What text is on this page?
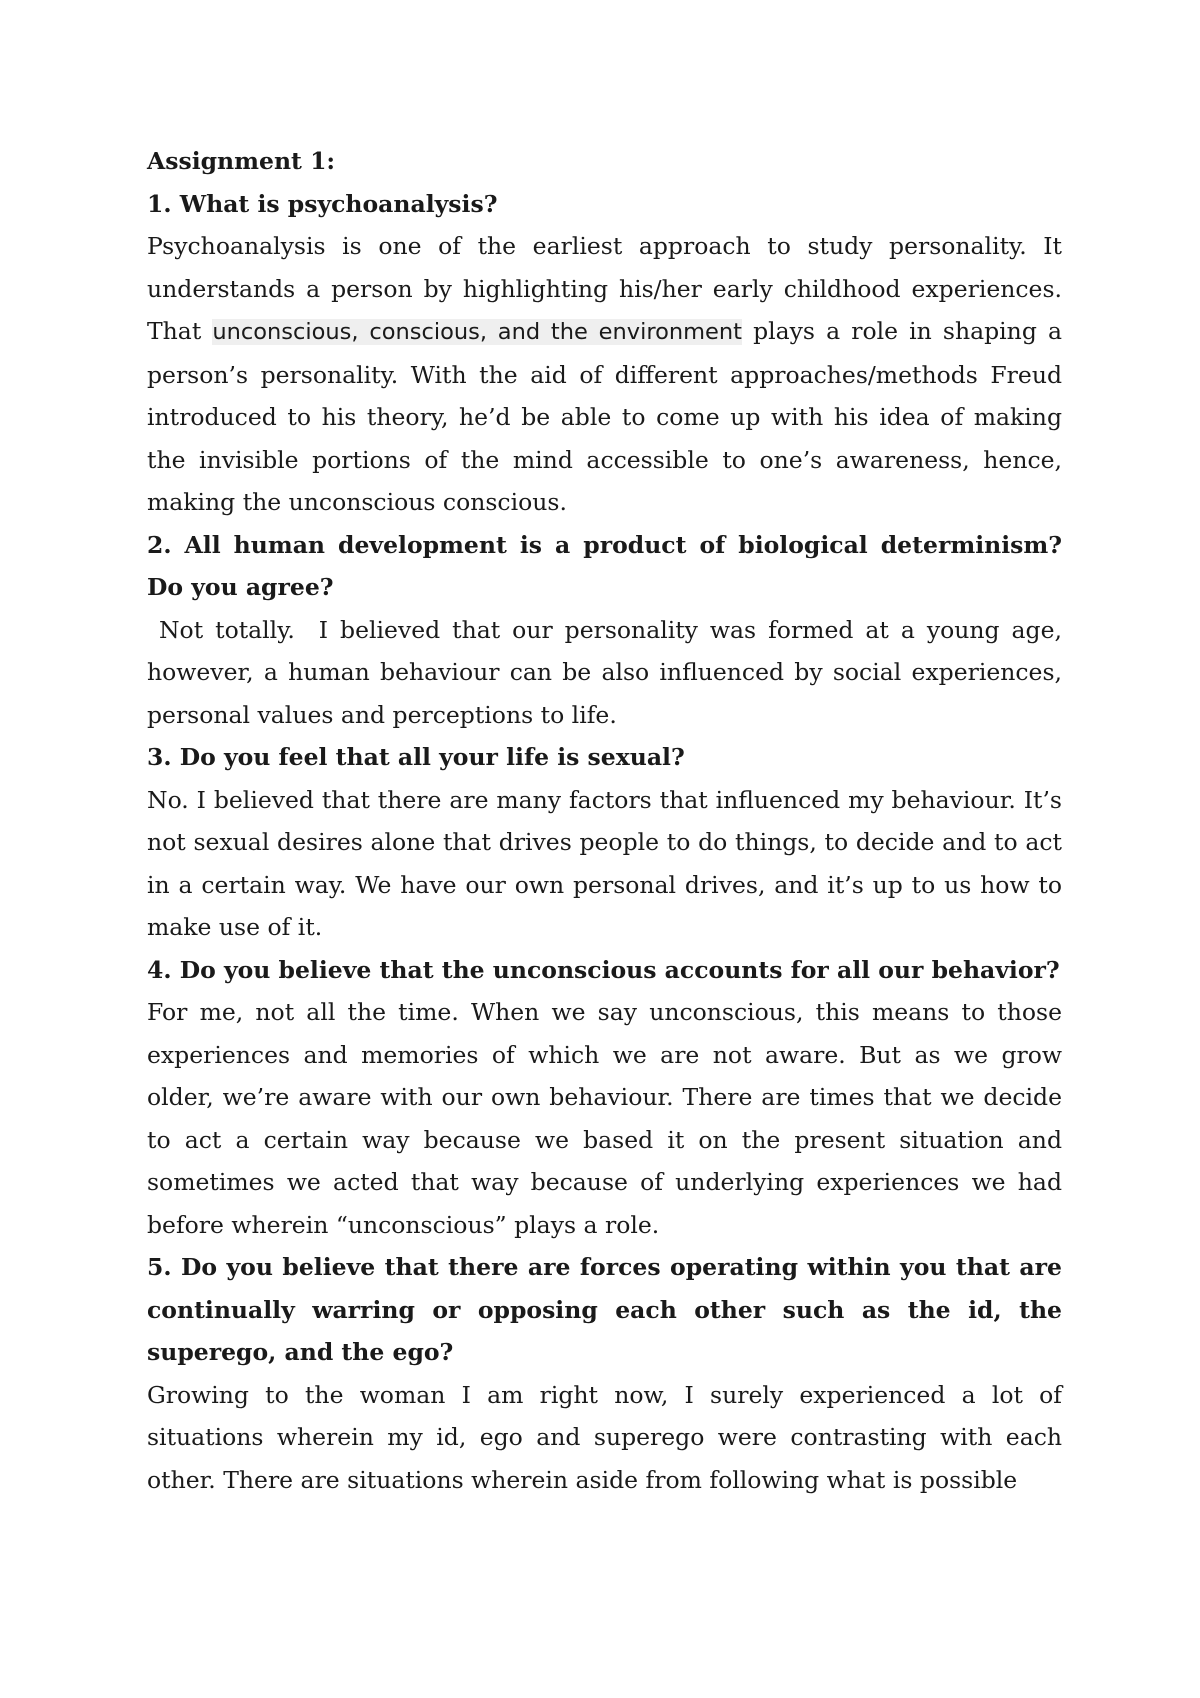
Assignment 1:

1. What is psychoanalysis?

Psychoanalysis is one of the earliest approach to study personality. It understands a person by highlighting his/her early childhood experiences. That unconscious, conscious, and the environment plays a role in shaping a person’s personality. With the aid of different approaches/methods Freud introduced to his theory, he’d be able to come up with his idea of making the invisible portions of the mind accessible to one’s awareness, hence, making the unconscious conscious.

2. All human development is a product of biological determinism? Do you agree?

Not totally.  I believed that our personality was formed at a young age, however, a human behaviour can be also influenced by social experiences, personal values and perceptions to life.

3. Do you feel that all your life is sexual?

No. I believed that there are many factors that influenced my behaviour. It’s not sexual desires alone that drives people to do things, to decide and to act in a certain way. We have our own personal drives, and it’s up to us how to make use of it.

4. Do you believe that the unconscious accounts for all our behavior?

For me, not all the time. When we say unconscious, this means to those experiences and memories of which we are not aware. But as we grow older, we’re aware with our own behaviour. There are times that we decide to act a certain way because we based it on the present situation and sometimes we acted that way because of underlying experiences we had before wherein “unconscious” plays a role.

5. Do you believe that there are forces operating within you that are continually warring or opposing each other such as the id, the superego, and the ego?

Growing to the woman I am right now, I surely experienced a lot of situations wherein my id, ego and superego were contrasting with each other. There are situations wherein aside from following what is possible
